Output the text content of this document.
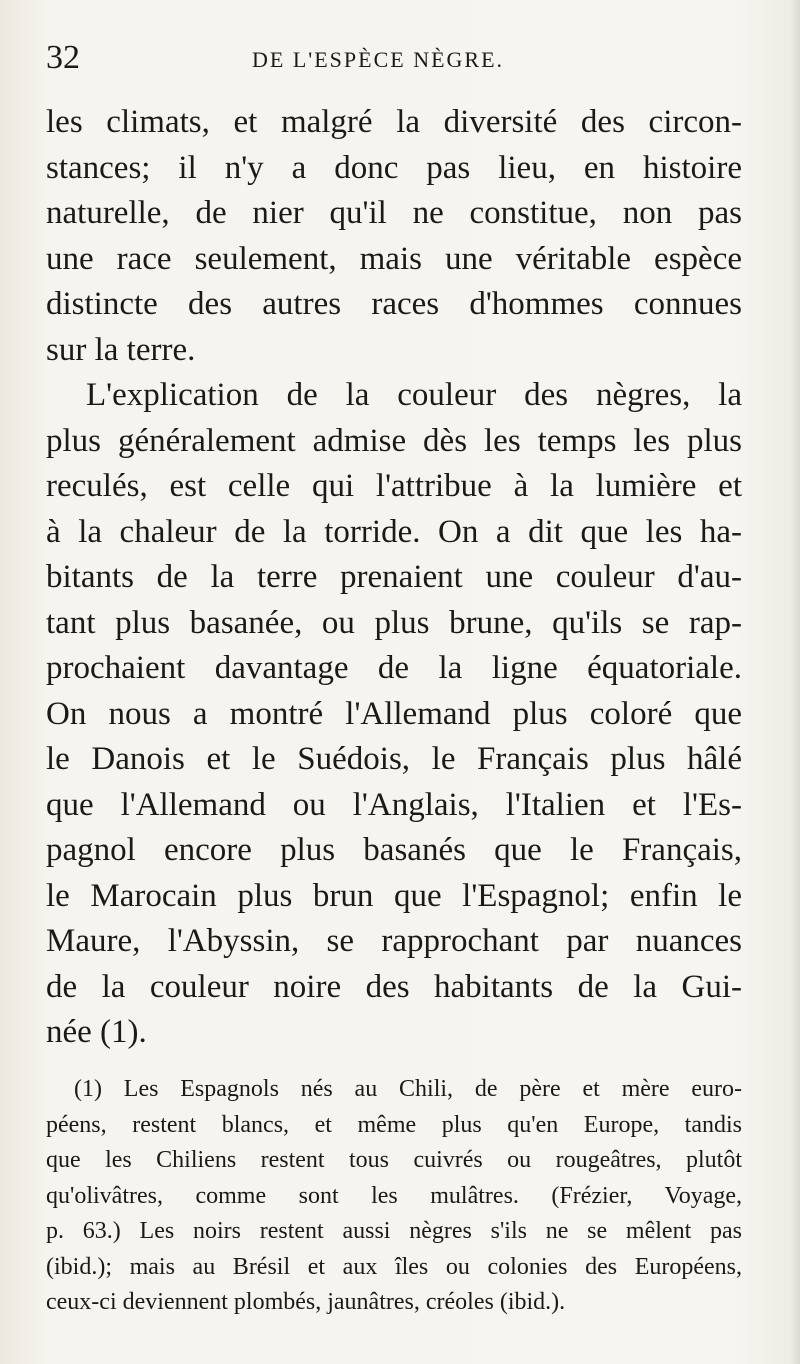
32	DE L'ESPÈCE NÈGRE.
les climats, et malgré la diversité des circon-
stances; il n'y a donc pas lieu, en histoire
naturelle, de nier qu'il ne constitue, non pas
une race seulement, mais une véritable espèce
distincte des autres races d'hommes connues
sur la terre.
L'explication de la couleur des nègres, la
plus généralement admise dès les temps les plus
reculés, est celle qui l'attribue à la lumière et
à la chaleur de la torride. On a dit que les ha-
bitants de la terre prenaient une couleur d'au-
tant plus basanée, ou plus brune, qu'ils se rap-
prochaient davantage de la ligne équatoriale.
On nous a montré l'Allemand plus coloré que
le Danois et le Suédois, le Français plus hâlé
que l'Allemand ou l'Anglais, l'Italien et l'Es-
pagnol encore plus basanés que le Français,
le Marocain plus brun que l'Espagnol; enfin le
Maure, l'Abyssin, se rapprochant par nuances
de la couleur noire des habitants de la Gui-
née (1).
(1) Les Espagnols nés au Chili, de père et mère euro-
péens, restent blancs, et même plus qu'en Europe, tandis
que les Chiliens restent tous cuivrés ou rougeâtres, plutôt
qu'olivâtres, comme sont les mulâtres. (Frézier, Voyage,
p. 63.) Les noirs restent aussi nègres s'ils ne se mêlent pas
(ibid.); mais au Brésil et aux îles ou colonies des Européens,
ceux-ci deviennent plombés, jaunâtres, créoles (ibid.).
